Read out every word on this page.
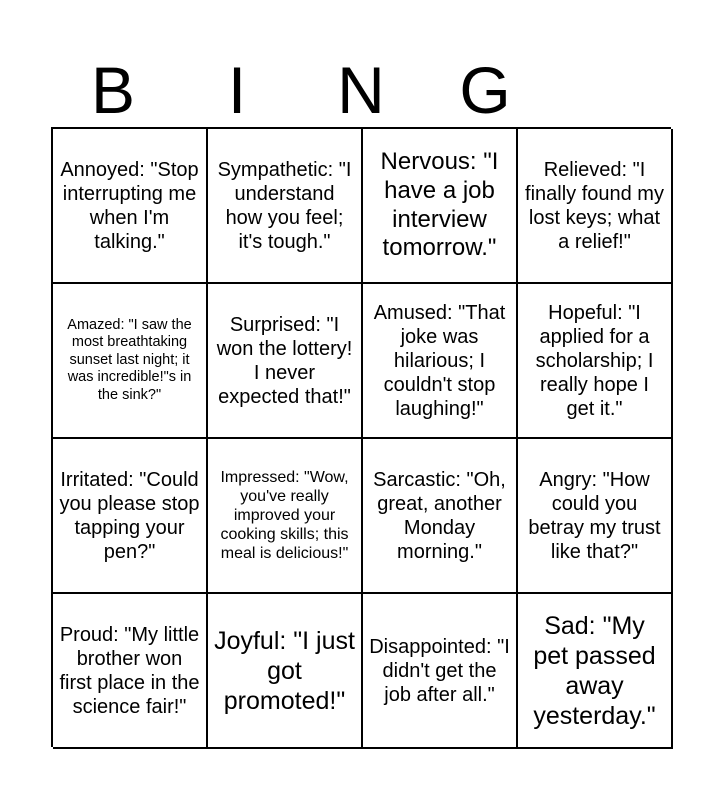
B	I	N	G
Annoyed: "Stop interrupting me when I'm talking."
Sympathetic: "I understand how you feel; it's tough."
Nervous: "I have a job interview tomorrow."
Relieved: "I finally found my lost keys; what a relief!"
Amazed: "I saw the most breathtaking sunset last night; it was incredible!"s in the sink?"
Surprised: "I won the lottery! I never expected that!"
Amused: "That joke was hilarious; I couldn't stop laughing!"
Hopeful: "I applied for a scholarship; I really hope I get it."
Irritated: "Could you please stop tapping your pen?"
Impressed: "Wow, you've really improved your cooking skills; this meal is delicious!"
Sarcastic: "Oh, great, another Monday morning."
Angry: "How could you betray my trust like that?"
Proud: "My little brother won first place in the science fair!"
Joyful: "I just got promoted!"
Disappointed: "I didn't get the job after all."
Sad: "My pet passed away yesterday."
